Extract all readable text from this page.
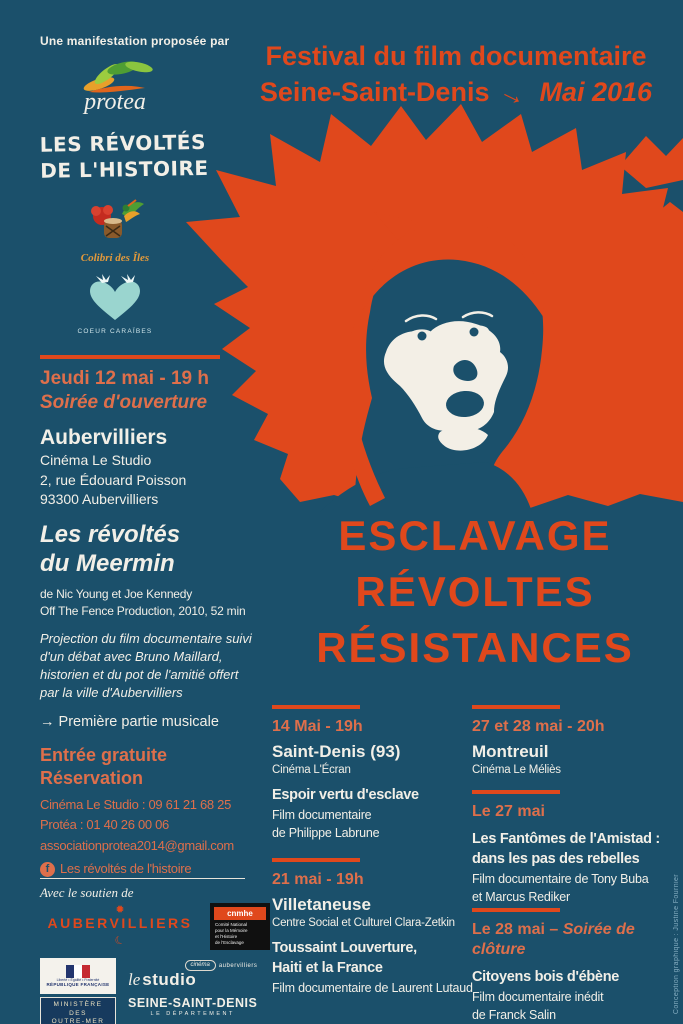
Une manifestation proposée par
protea
LES RÉVOLTÉS
DE L'HISTOIRE
Colibri des Îles
COEUR CARAÏBES
Festival du film documentaire
Seine-Saint-Denis → Mai 2016
ESCLAVAGE
RÉVOLTES
RÉSISTANCES
Jeudi 12 mai - 19 h
Soirée d'ouverture
Aubervilliers
Cinéma Le Studio
2, rue Édouard Poisson
93300 Aubervilliers
Les révoltés
du Meermin
de Nic Young et Joe Kennedy
Off The Fence Production, 2010, 52 min
Projection du film documentaire suivi d'un débat avec Bruno Maillard, historien et du pot de l'amitié offert par la ville d'Aubervilliers
→ Première partie musicale
Entrée gratuite
Réservation
Cinéma Le Studio : 09 61 21 68 25
Protéa : 01 40 26 00 06
associationprotea2014@gmail.com
f Les révoltés de l'histoire
Avec le soutien de
✹
AUBERVILLIERS
☾
cnmhe
Comité National
pour la Mémoire
et l'Histoire
de l'Esclavage
Liberté • Égalité • Fraternité
RÉPUBLIQUE FRANÇAISE
MINISTÈRE
DES
OUTRE-MER
cinéma	aubervilliers
le studio
SEINE-SAINT-DENIS
LE DÉPARTEMENT
14 Mai - 19h
Saint-Denis (93)
Cinéma L'Écran
Espoir vertu d'esclave
Film documentaire
de Philippe Labrune
21 mai - 19h
Villetaneuse
Centre Social et Culturel Clara-Zetkin
Toussaint Louverture,
Haiti et la France
Film documentaire de Laurent Lutaud
27 et 28 mai - 20h
Montreuil
Cinéma Le Méliès
Le 27 mai
Les Fantômes de l'Amistad :
dans les pas des rebelles
Film documentaire de Tony Buba
et Marcus Rediker
Le 28 mai – Soirée de clôture
Citoyens bois d'ébène
Film documentaire inédit
de Franck Salin
Conception graphique : Justine Fournier
